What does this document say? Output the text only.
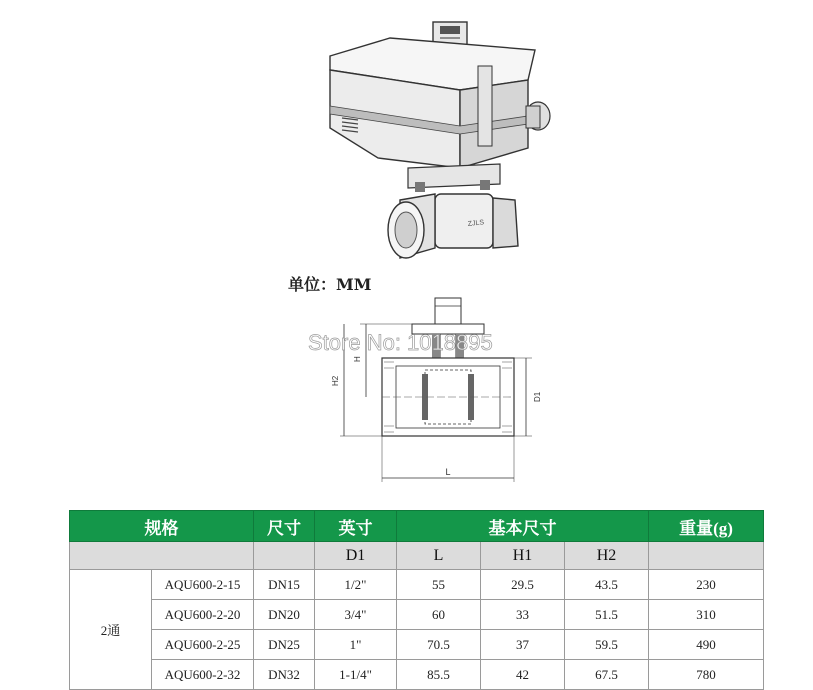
ZJLS
单位：MM
H
H2
D1
L
Store No: 1018895
规格		尺寸	英寸	基本尺寸			重量(g)
			D1	L	H1	H2	
2通	AQU600-2-15	DN15	1/2"	55	29.5	43.5	230
	AQU600-2-20	DN20	3/4"	60	33	51.5	310
	AQU600-2-25	DN25	1"	70.5	37	59.5	490
	AQU600-2-32	DN32	1-1/4"	85.5	42	67.5	780
